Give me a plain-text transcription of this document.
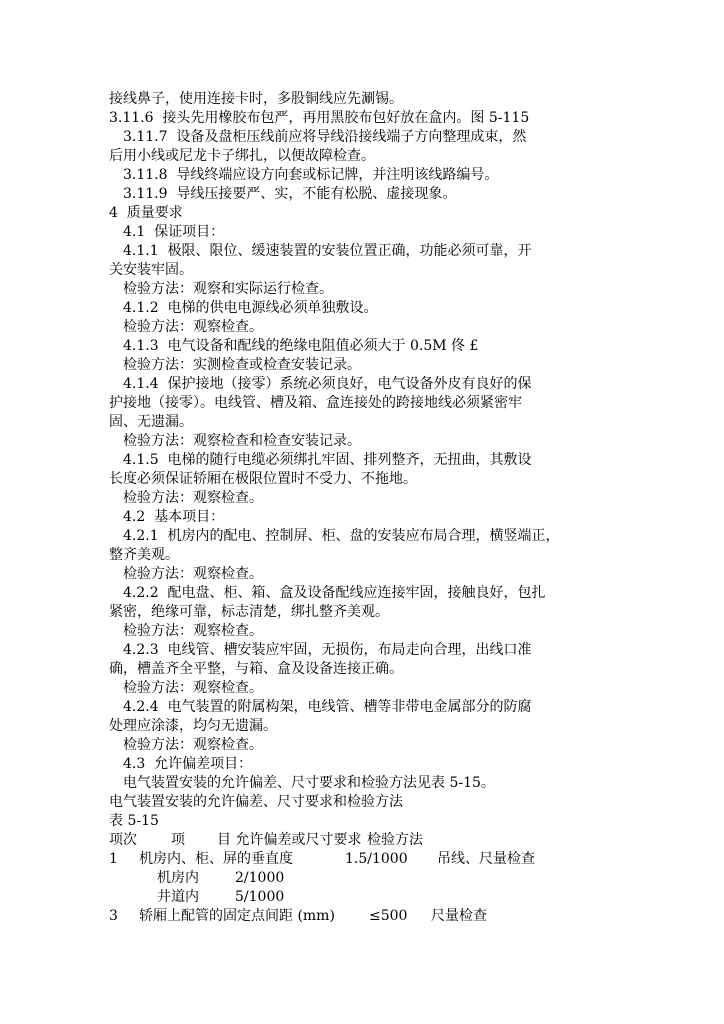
接线鼻子，使用连接卡时，多股铜线应先涮锡。
3.11.6  接头先用橡胶布包严，再用黑胶布包好放在盒内。图 5-115
3.11.7  设备及盘柜压线前应将导线沿接线端子方向整理成束，然
后用小线或尼龙卡子绑扎，以便故障检查。
3.11.8  导线终端应设方向套或标记牌，并注明该线路编号。
3.11.9  导线压接要严、实，不能有松脱、虚接现象。
4  质量要求
4.1  保证项目：
4.1.1  极限、限位、缓速装置的安装位置正确，功能必须可靠，开
关安装牢固。
检验方法：观察和实际运行检查。
4.1.2  电梯的供电电源线必须单独敷设。
检验方法：观察检查。
4.1.3  电气设备和配线的绝缘电阻值必须大于 0.5M 佟 £
检验方法：实测检查或检查安装记录。
4.1.4  保护接地（接零）系统必须良好，电气设备外皮有良好的保
护接地（接零）。电线管、槽及箱、盒连接处的跨接地线必须紧密牢
固、无遗漏。
检验方法：观察检查和检查安装记录。
4.1.5  电梯的随行电缆必须绑扎牢固、排列整齐，无扭曲，其敷设
长度必须保证轿厢在极限位置时不受力、不拖地。
检验方法：观察检查。
4.2  基本项目：
4.2.1  机房内的配电、控制屏、柜、盘的安装应布局合理，横竖端正，
整齐美观。
检验方法：观察检查。
4.2.2  配电盘、柜、箱、盒及设备配线应连接牢固，接触良好，包扎
紧密，绝缘可靠，标志清楚，绑扎整齐美观。
检验方法：观察检查。
4.2.3  电线管、槽安装应牢固，无损伤，布局走向合理，出线口准
确，槽盖齐全平整，与箱、盒及设备连接正确。
检验方法：观察检查。
4.2.4  电气装置的附属构架，电线管、槽等非带电金属部分的防腐
处理应涂漆，均匀无遗漏。
检验方法：观察检查。
4.3  允许偏差项目：
电气装置安装的允许偏差、尺寸要求和检验方法见表 5-15。
电气装置安装的允许偏差、尺寸要求和检验方法
表 5-15
项次	项	目 允许偏差或尺寸要求 检验方法
1	机房内、柜、屏的垂直度	1.5/1000	吊线、尺量检查
机房内	2/1000
井道内	5/1000
3	轿厢上配管的固定点间距 (mm)	≤500	尺量检查
